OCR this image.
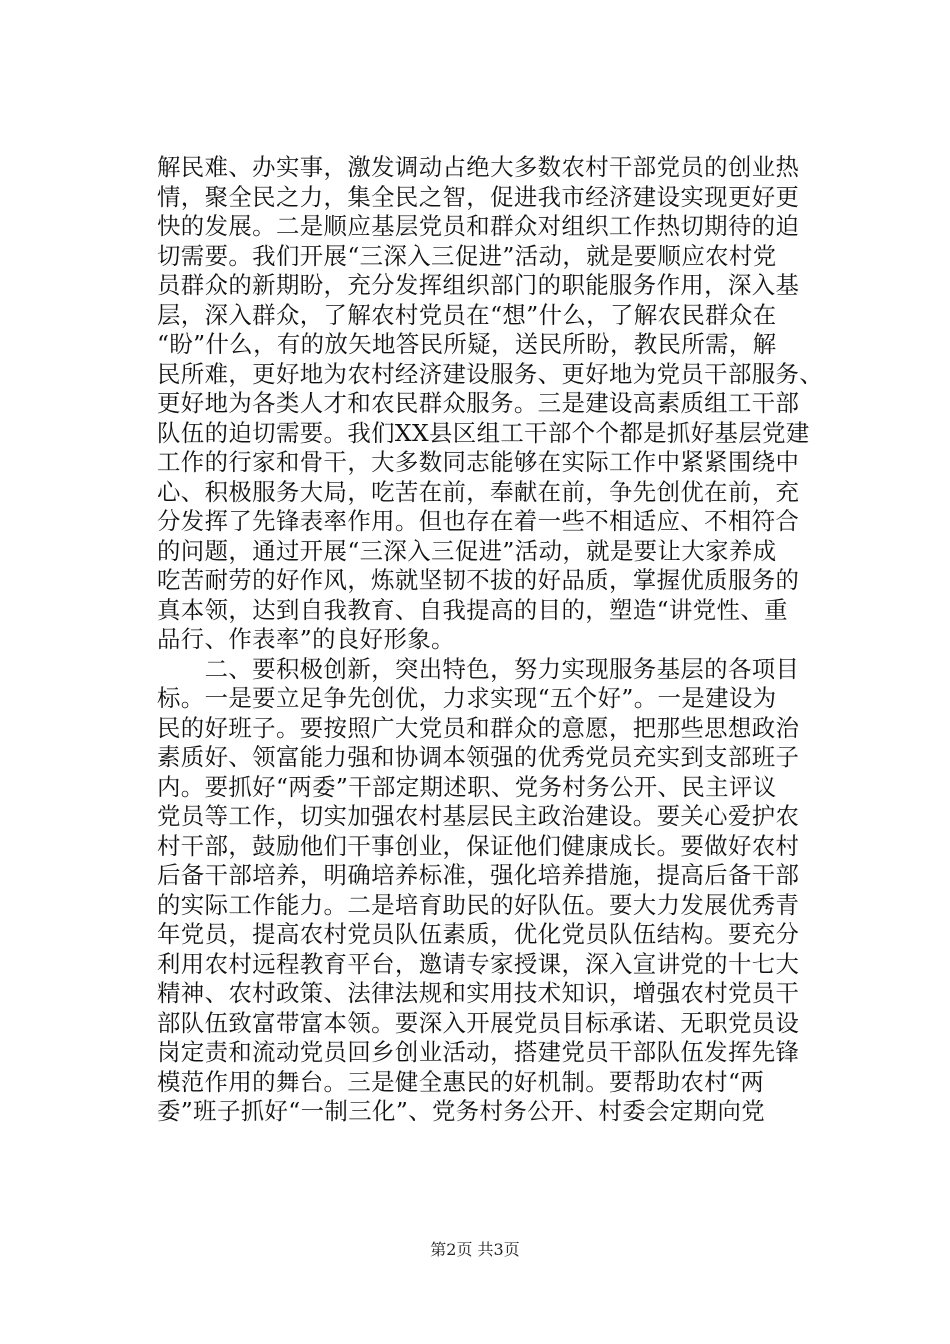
解民难、办实事，激发调动占绝大多数农村干部党员的创业热
情，聚全民之力，集全民之智，促进我市经济建设实现更好更
快的发展。二是顺应基层党员和群众对组织工作热切期待的迫
切需要。我们开展“三深入三促进”活动，就是要顺应农村党
员群众的新期盼，充分发挥组织部门的职能服务作用，深入基
层，深入群众，了解农村党员在“想”什么，了解农民群众在
“盼”什么，有的放矢地答民所疑，送民所盼，教民所需，解
民所难，更好地为农村经济建设服务、更好地为党员干部服务、
更好地为各类人才和农民群众服务。三是建设高素质组工干部
队伍的迫切需要。我们XX县区组工干部个个都是抓好基层党建
工作的行家和骨干，大多数同志能够在实际工作中紧紧围绕中
心、积极服务大局，吃苦在前，奉献在前，争先创优在前，充
分发挥了先锋表率作用。但也存在着一些不相适应、不相符合
的问题，通过开展“三深入三促进”活动，就是要让大家养成
吃苦耐劳的好作风，炼就坚韧不拔的好品质，掌握优质服务的
真本领，达到自我教育、自我提高的目的，塑造“讲党性、重
品行、作表率”的良好形象。
　　二、要积极创新，突出特色，努力实现服务基层的各项目
标。一是要立足争先创优，力求实现“五个好”。一是建设为
民的好班子。要按照广大党员和群众的意愿，把那些思想政治
素质好、领富能力强和协调本领强的优秀党员充实到支部班子
内。要抓好“两委”干部定期述职、党务村务公开、民主评议
党员等工作，切实加强农村基层民主政治建设。要关心爱护农
村干部，鼓励他们干事创业，保证他们健康成长。要做好农村
后备干部培养，明确培养标准，强化培养措施，提高后备干部
的实际工作能力。二是培育助民的好队伍。要大力发展优秀青
年党员，提高农村党员队伍素质，优化党员队伍结构。要充分
利用农村远程教育平台，邀请专家授课，深入宣讲党的十七大
精神、农村政策、法律法规和实用技术知识，增强农村党员干
部队伍致富带富本领。要深入开展党员目标承诺、无职党员设
岗定责和流动党员回乡创业活动，搭建党员干部队伍发挥先锋
模范作用的舞台。三是健全惠民的好机制。要帮助农村“两
委”班子抓好“一制三化”、党务村务公开、村委会定期向党
第2页 共3页
